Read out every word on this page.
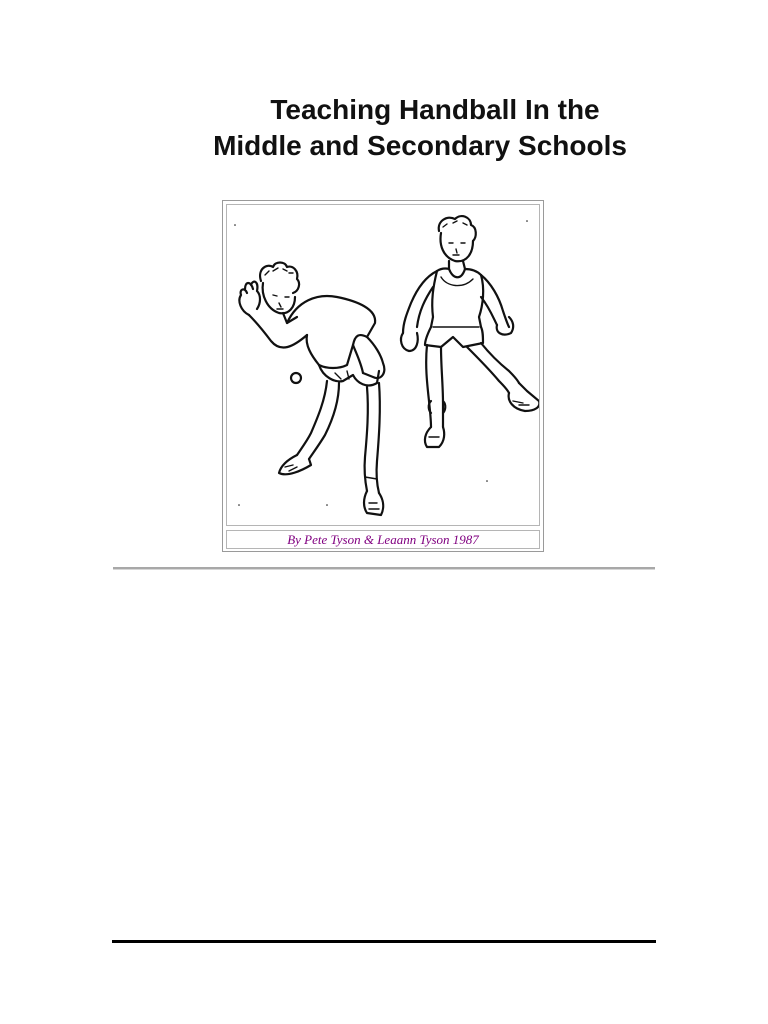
Teaching Handball In the
Middle and Secondary Schools
By Pete Tyson & Leaann Tyson 1987
